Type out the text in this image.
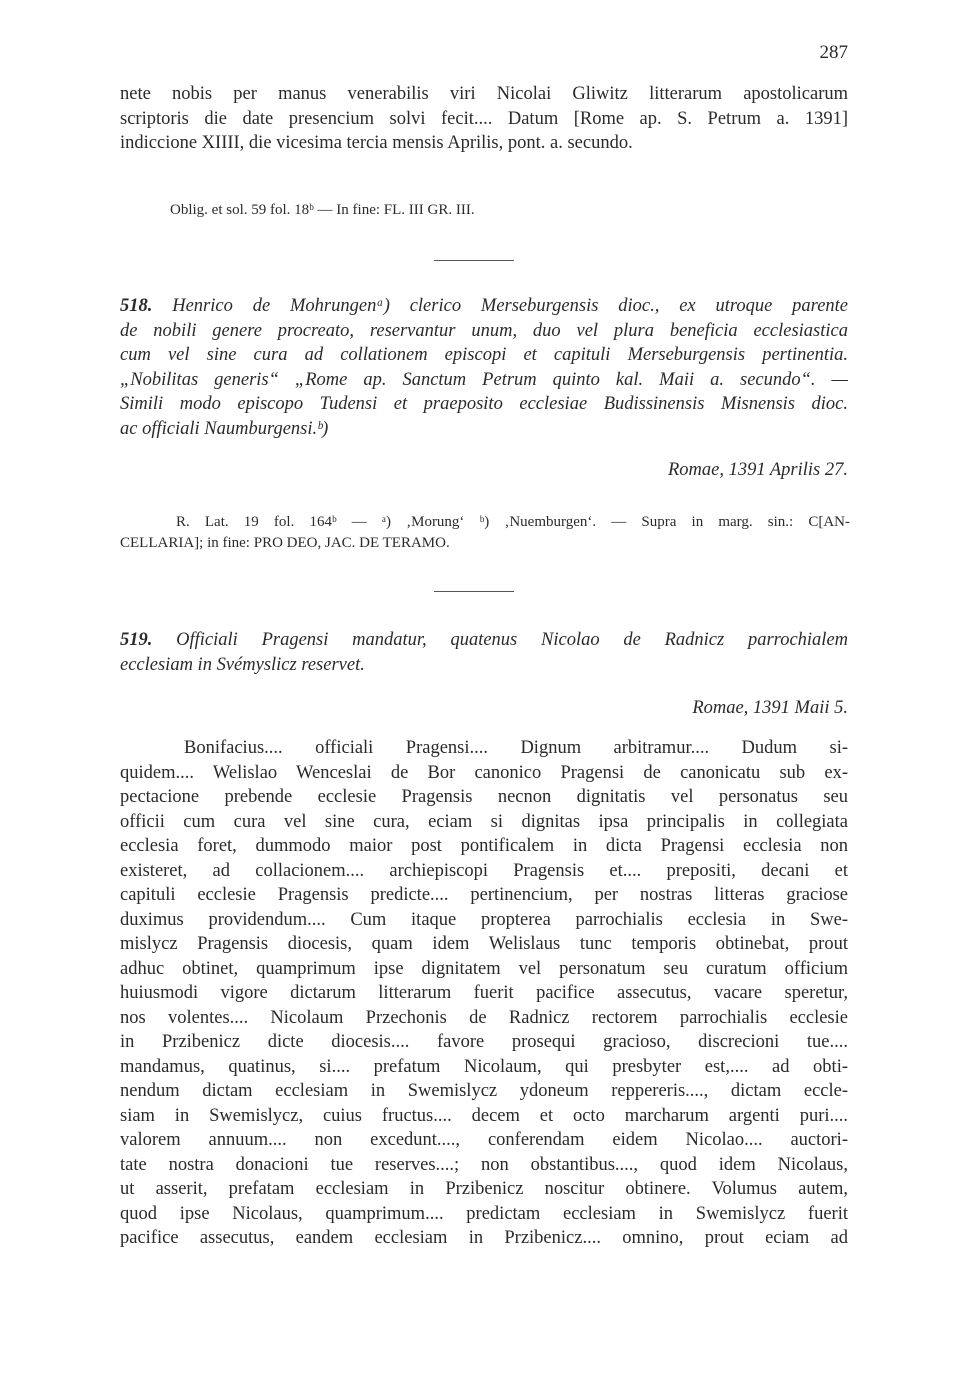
287
nete nobis per manus venerabilis viri Nicolai Gliwitz litterarum apostolicarum
scriptoris die date presencium solvi fecit.... Datum [Rome ap. S. Petrum a. 1391]
indiccione XIIII, die vicesima tercia mensis Aprilis, pont. a. secundo.
Oblig. et sol. 59 fol. 18ᵇ — In fine: FL. III GR. III.
518. Henrico de Mohrungenᵃ) clerico Merseburgensis dioc., ex utroque parente
de nobili genere procreato, reservantur unum, duo vel plura beneficia ecclesiastica
cum vel sine cura ad collationem episcopi et capituli Merseburgensis pertinentia.
„Nobilitas generis“ „Rome ap. Sanctum Petrum quinto kal. Maii a. secundo“. —
Simili modo episcopo Tudensi et praeposito ecclesiae Budissinensis Misnensis dioc.
ac officiali Naumburgensi.ᵇ)
Romae, 1391 Aprilis 27.
R. Lat. 19 fol. 164ᵇ — ᵃ) ‚Morung‘ ᵇ) ‚Nuemburgen‘. — Supra in marg. sin.: C[AN-
CELLARIA]; in fine: PRO DEO, JAC. DE TERAMO.
519. Officiali Pragensi mandatur, quatenus Nicolao de Radnicz parrochialem
ecclesiam in Svémyslicz reservet.
Romae, 1391 Maii 5.
Bonifacius.... officiali Pragensi.... Dignum arbitramur.... Dudum si-
quidem.... Welislao Wenceslai de Bor canonico Pragensi de canonicatu sub ex-
pectacione prebende ecclesie Pragensis necnon dignitatis vel personatus seu
officii cum cura vel sine cura, eciam si dignitas ipsa principalis in collegiata
ecclesia foret, dummodo maior post pontificalem in dicta Pragensi ecclesia non
existeret, ad collacionem.... archiepiscopi Pragensis et.... prepositi, decani et
capituli ecclesie Pragensis predicte.... pertinencium, per nostras litteras graciose
duximus providendum.... Cum itaque propterea parrochialis ecclesia in Swe-
mislycz Pragensis diocesis, quam idem Welislaus tunc temporis obtinebat, prout
adhuc obtinet, quamprimum ipse dignitatem vel personatum seu curatum officium
huiusmodi vigore dictarum litterarum fuerit pacifice assecutus, vacare speretur,
nos volentes.... Nicolaum Przechonis de Radnicz rectorem parrochialis ecclesie
in Przibenicz dicte diocesis.... favore prosequi gracioso, discrecioni tue....
mandamus, quatinus, si.... prefatum Nicolaum, qui presbyter est,.... ad obti-
nendum dictam ecclesiam in Swemislycz ydoneum reppereris...., dictam eccle-
siam in Swemislycz, cuius fructus.... decem et octo marcharum argenti puri....
valorem annuum.... non excedunt...., conferendam eidem Nicolao.... auctori-
tate nostra donacioni tue reserves....; non obstantibus...., quod idem Nicolaus,
ut asserit, prefatam ecclesiam in Przibenicz noscitur obtinere. Volumus autem,
quod ipse Nicolaus, quamprimum.... predictam ecclesiam in Swemislycz fuerit
pacifice assecutus, eandem ecclesiam in Przibenicz.... omnino, prout eciam ad
